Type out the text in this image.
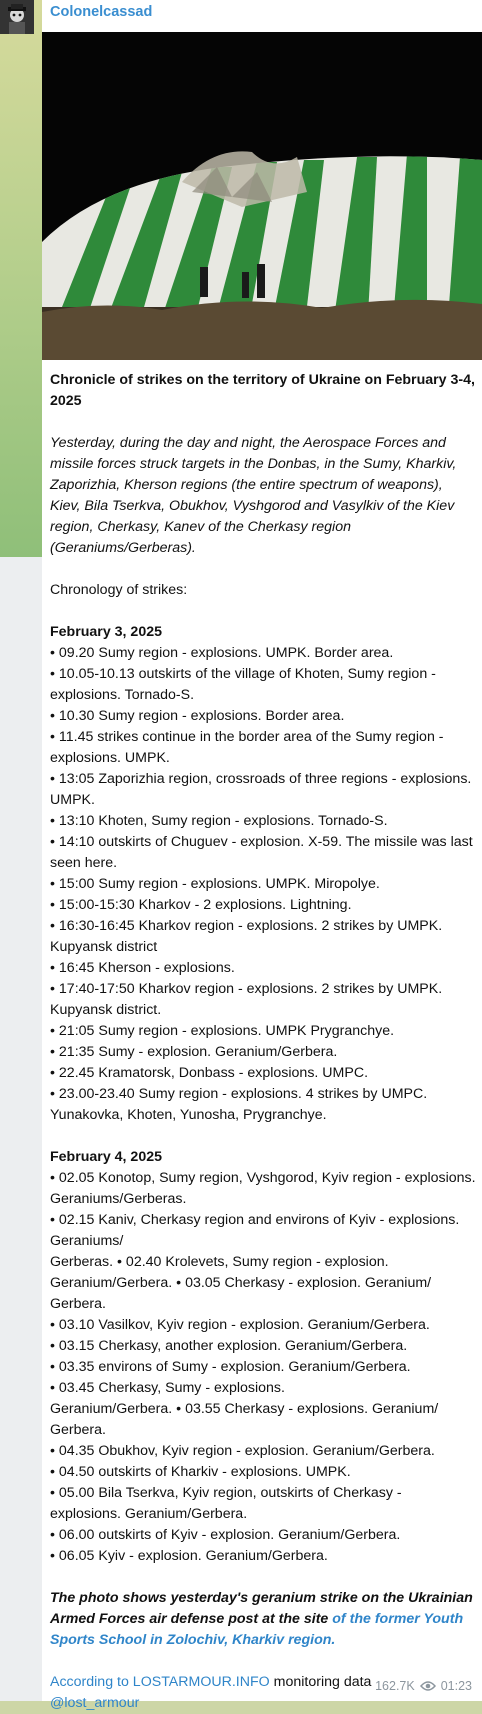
Colonelcassad

Chronicle of strikes on the territory of Ukraine on February 3-4, 2025

Yesterday, during the day and night, the Aerospace Forces and missile forces struck targets in the Donbas, in the Sumy, Kharkiv, Zaporizhia, Kherson regions (the entire spectrum of weapons), Kiev, Bila Tserkva, Obukhov, Vyshgorod and Vasylkiv of the Kiev region, Cherkasy, Kanev of the Cherkasy region (Geraniums/Gerberas).

Chronology of strikes:

February 3, 2025

• 09.20 Sumy region - explosions. UMPK. Border area.

• 10.05-10.13 outskirts of the village of Khoten, Sumy region - explosions. Tornado-S.

• 10.30 Sumy region - explosions. Border area.

• 11.45 strikes continue in the border area of the Sumy region - explosions. UMPK.

• 13:05 Zaporizhia region, crossroads of three regions - explosions. UMPK.

• 13:10 Khoten, Sumy region - explosions. Tornado-S.

• 14:10 outskirts of Chuguev - explosion. X-59. The missile was last seen here.

• 15:00 Sumy region - explosions. UMPK. Miropolye.

• 15:00-15:30 Kharkov - 2 explosions. Lightning.

• 16:30-16:45 Kharkov region - explosions. 2 strikes by UMPK. Kupyansk district

• 16:45 Kherson - explosions.

• 17:40-17:50 Kharkov region - explosions. 2 strikes by UMPK. Kupyansk district.

• 21:05 Sumy region - explosions. UMPK Prygranchye.

• 21:35 Sumy - explosion. Geranium/Gerbera.

• 22.45 Kramatorsk, Donbass - explosions. UMPC.

• 23.00-23.40 Sumy region - explosions. 4 strikes by UMPC. Yunakovka, Khoten, Yunosha, Prygranchye.

February 4, 2025

• 02.05 Konotop, Sumy region, Vyshgorod, Kyiv region - explosions. Geraniums/Gerberas.

• 02.15 Kaniv, Cherkasy region and environs of Kyiv - explosions. Geraniums/

Gerberas. • 02.40 Krolevets, Sumy region - explosion. Geranium/Gerbera. • 03.05 Cherkasy - explosion. Geranium/ Gerbera.

• 03.10 Vasilkov, Kyiv region - explosion. Geranium/Gerbera.

• 03.15 Cherkasy, another explosion. Geranium/Gerbera.

• 03.35 environs of Sumy - explosion. Geranium/Gerbera.

• 03.45 Cherkasy, Sumy - explosions.

Geranium/Gerbera. • 03.55 Cherkasy - explosions. Geranium/ Gerbera.

• 04.35 Obukhov, Kyiv region - explosion. Geranium/Gerbera.

• 04.50 outskirts of Kharkiv - explosions. UMPK.

• 05.00 Bila Tserkva, Kyiv region, outskirts of Cherkasy - explosions. Geranium/Gerbera.

• 06.00 outskirts of Kyiv - explosion. Geranium/Gerbera.

• 06.05 Kyiv - explosion. Geranium/Gerbera.

The photo shows yesterday's geranium strike on the Ukrainian Armed Forces air defense post at the site of the former Youth Sports School in Zolochiv, Kharkiv region.

According to LOSTARMOUR.INFO monitoring data

@lost_armour

162.7K 01:23
